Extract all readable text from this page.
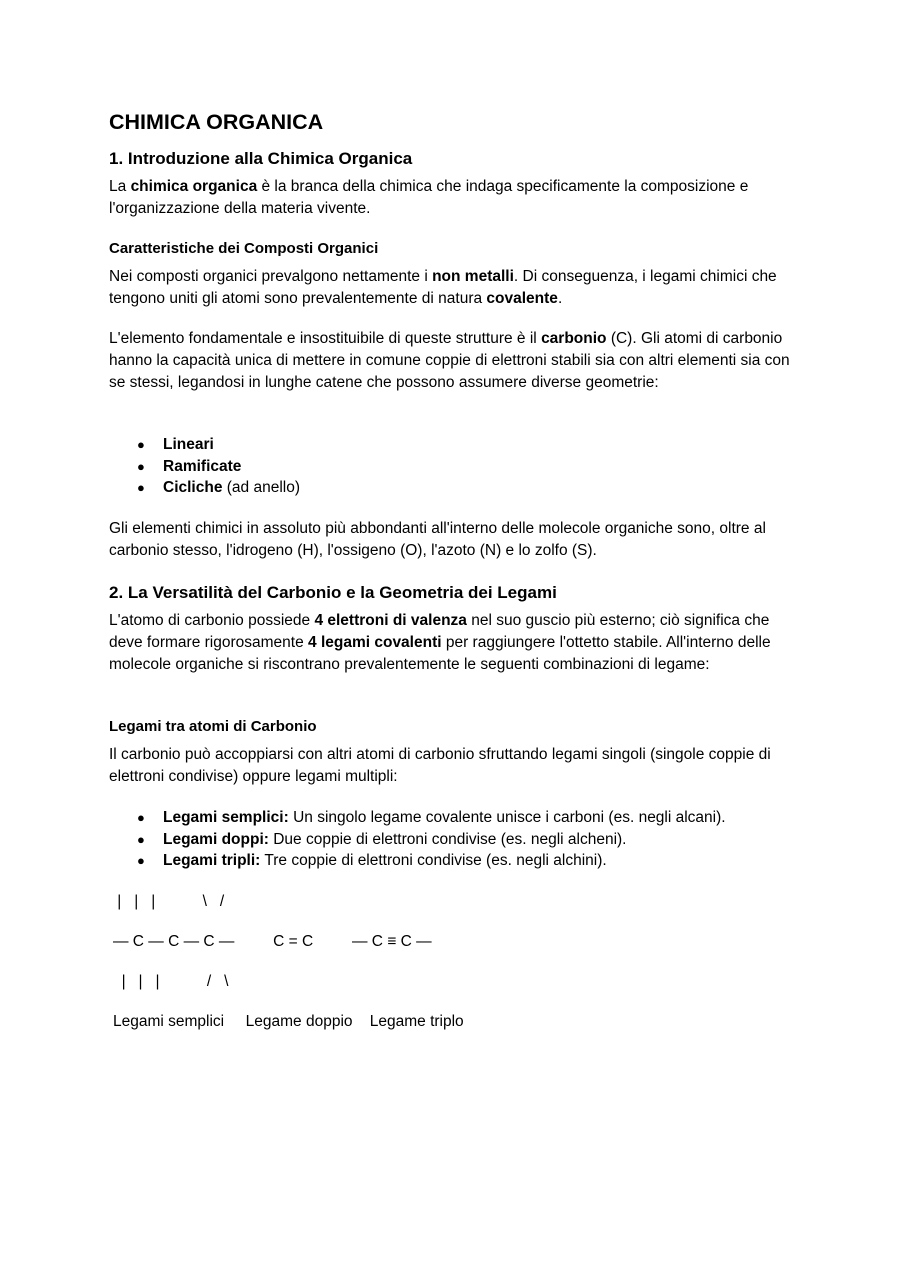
CHIMICA ORGANICA
1. Introduzione alla Chimica Organica

La chimica organica è la branca della chimica che indaga specificamente la composizione e l'organizzazione della materia vivente.

Caratteristiche dei Composti Organici

Nei composti organici prevalgono nettamente i non metalli. Di conseguenza, i legami chimici che tengono uniti gli atomi sono prevalentemente di natura covalente.

L'elemento fondamentale e insostituibile di queste strutture è il carbonio (C). Gli atomi di carbonio hanno la capacità unica di mettere in comune coppie di elettroni stabili sia con altri elementi sia con se stessi, legandosi in lunghe catene che possono assumere diverse geometrie:

● Lineari
● Ramificate
● Cicliche (ad anello)

Gli elementi chimici in assoluto più abbondanti all'interno delle molecole organiche sono, oltre al carbonio stesso, l'idrogeno (H), l'ossigeno (O), l'azoto (N) e lo zolfo (S).

2. La Versatilità del Carbonio e la Geometria dei Legami

L'atomo di carbonio possiede 4 elettroni di valenza nel suo guscio più esterno; ciò significa che deve formare rigorosamente 4 legami covalenti per raggiungere l'ottetto stabile. All'interno delle molecole organiche si riscontrano prevalentemente le seguenti combinazioni di legame:

Legami tra atomi di Carbonio

Il carbonio può accoppiarsi con altri atomi di carbonio sfruttando legami singoli (singole coppie di elettroni condivise) oppure legami multipli:

● Legami semplici: Un singolo legame covalente unisce i carboni (es. negli alcani).
● Legami doppi: Due coppie di elettroni condivise (es. negli alcheni).
● Legami tripli: Tre coppie di elettroni condivise (es. negli alchini).
|   |   |           \   /
— C — C — C —         C = C         — C ≡ C —
|   |   |           /   \
Legami semplici     Legame doppio    Legame triplo
